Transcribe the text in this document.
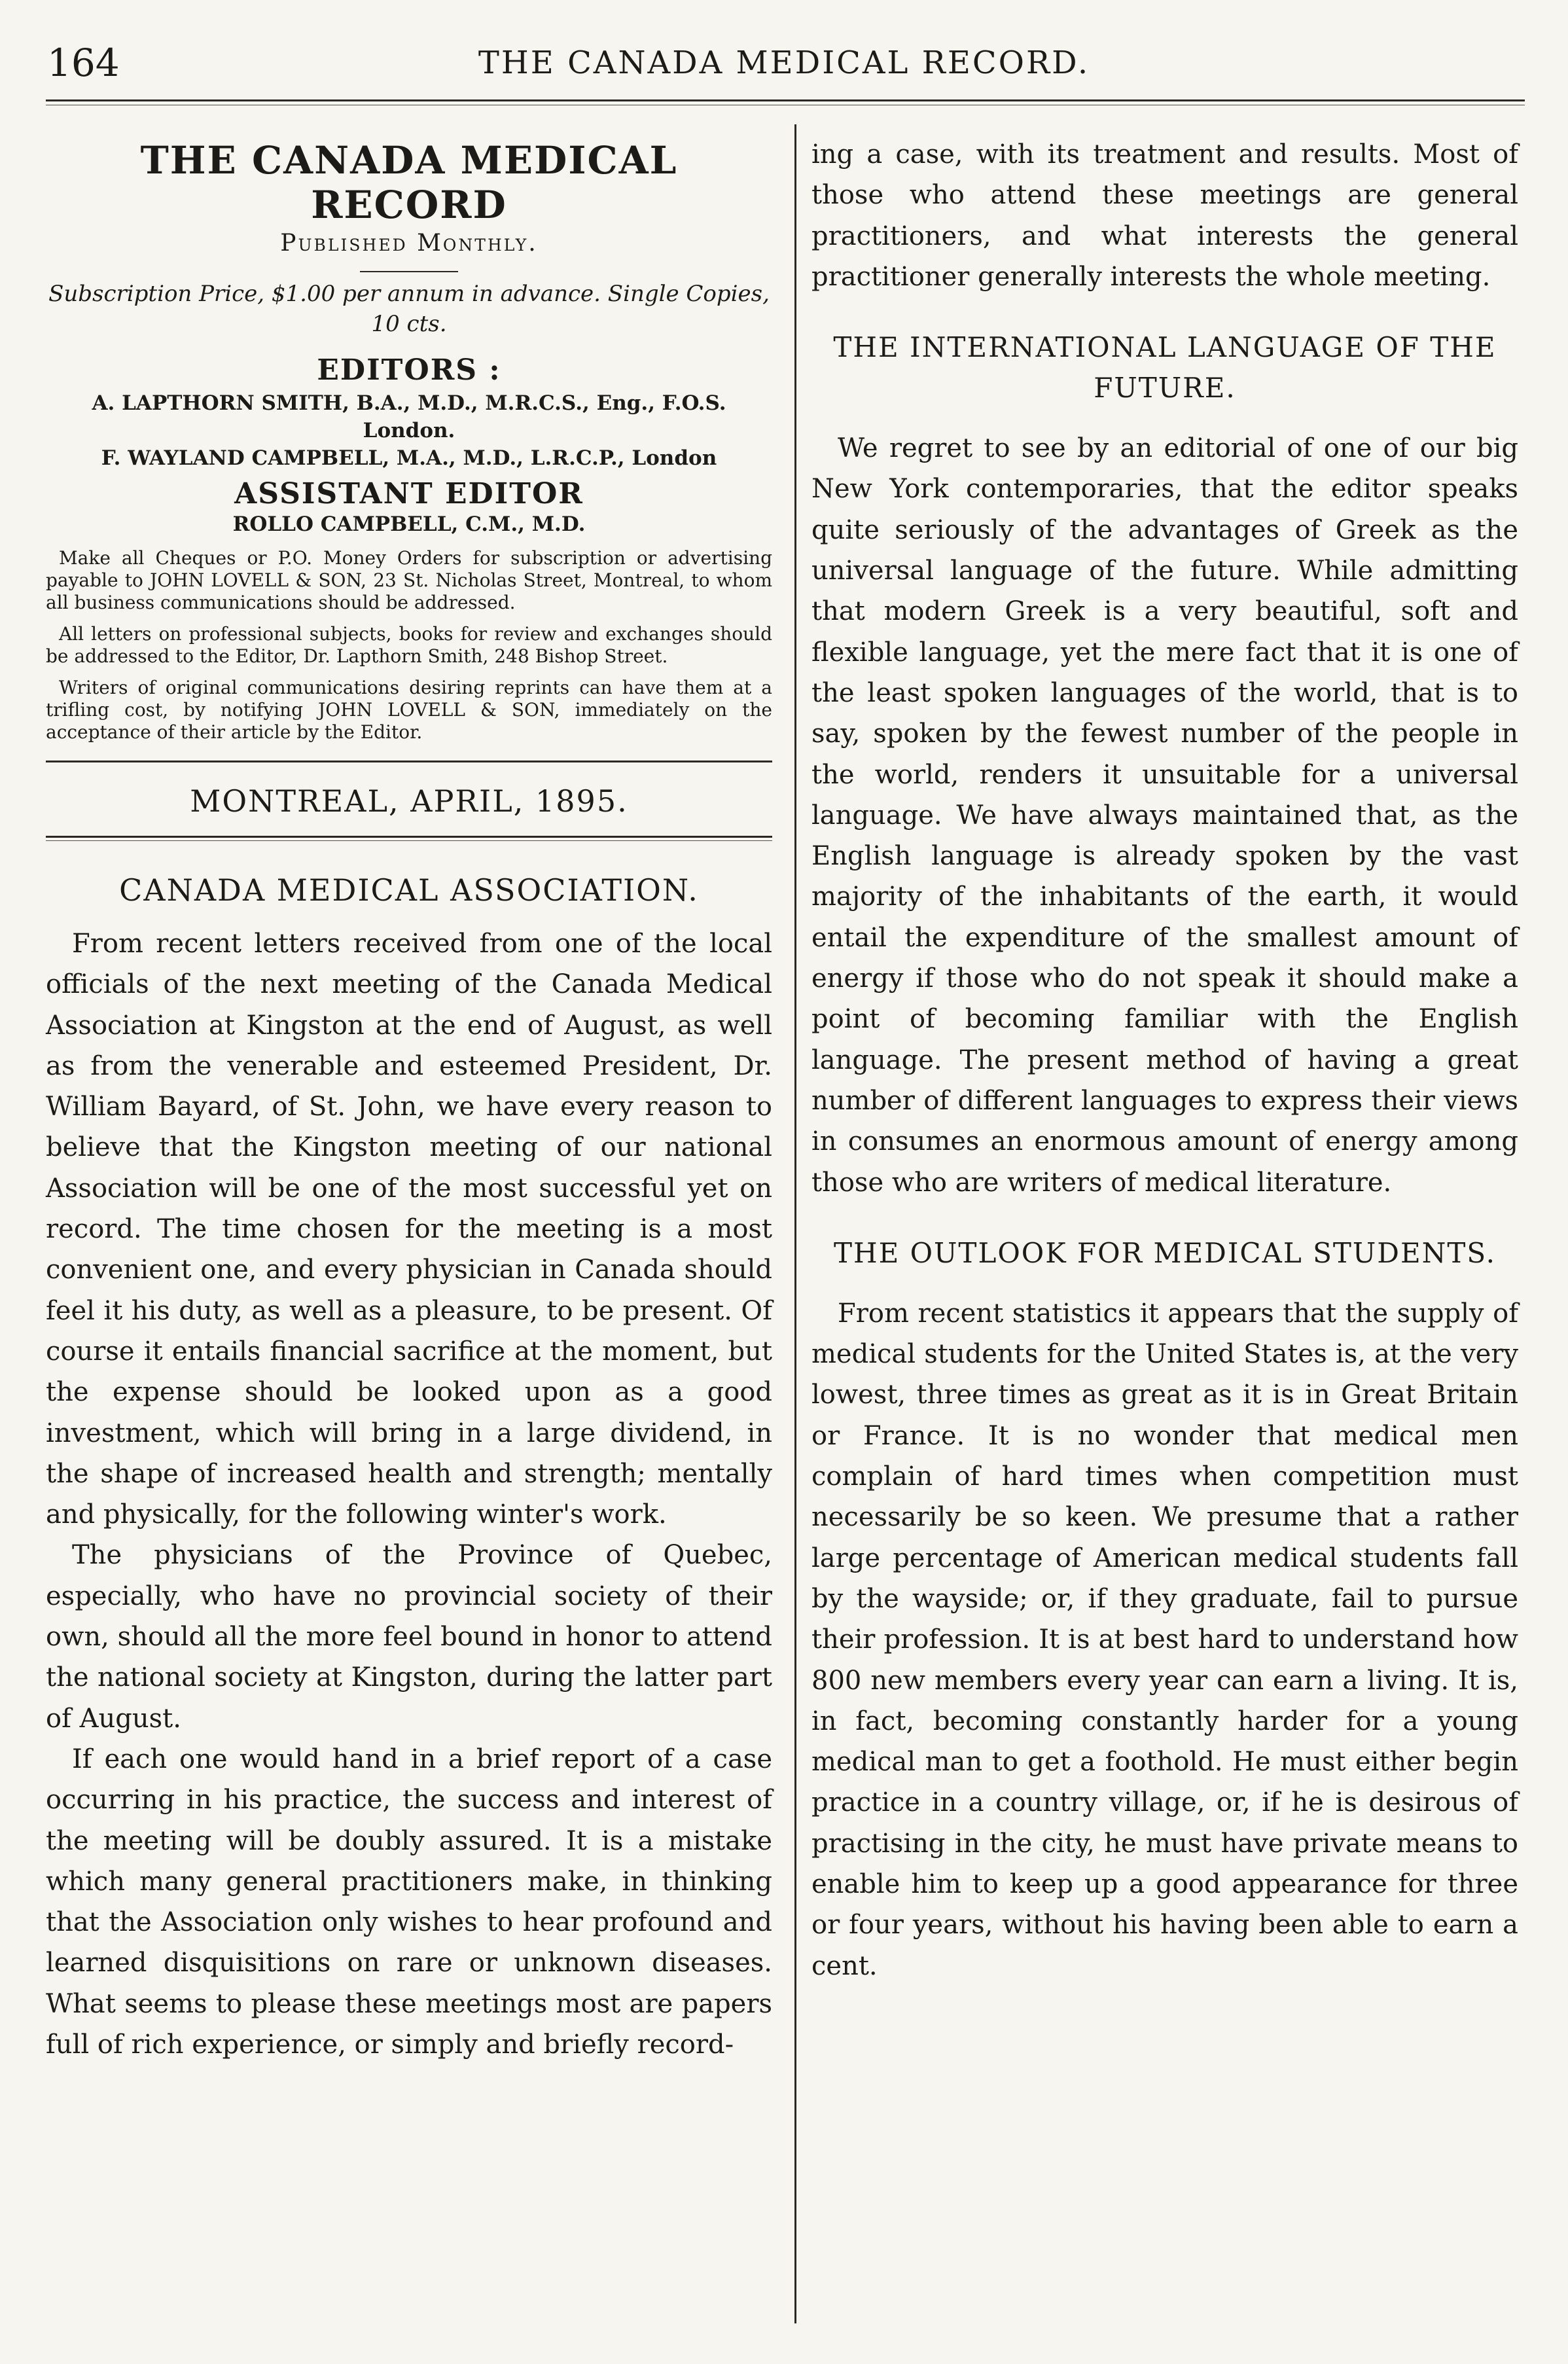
164	THE CANADA MEDICAL RECORD.
THE CANADA MEDICAL RECORD
Published Monthly.
Subscription Price, $1.00 per annum in advance. Single Copies, 10 cts.
EDITORS :
A. LAPTHORN SMITH, B.A., M.D., M.R.C.S., Eng., F.O.S. London.
F. WAYLAND CAMPBELL, M.A., M.D., L.R.C.P., London
ASSISTANT EDITOR
ROLLO CAMPBELL, C.M., M.D.

Make all Cheques or P.O. Money Orders for subscription or advertising payable to JOHN LOVELL & SON, 23 St. Nicholas Street, Montreal, to whom all business communications should be addressed.

All letters on professional subjects, books for review and exchanges should be addressed to the Editor, Dr. Lapthorn Smith, 248 Bishop Street.

Writers of original communications desiring reprints can have them at a trifling cost, by notifying JOHN LOVELL & SON, immediately on the acceptance of their article by the Editor.

MONTREAL, APRIL, 1895.
CANADA MEDICAL ASSOCIATION.

From recent letters received from one of the local officials of the next meeting of the Canada Medical Association at Kingston at the end of August, as well as from the venerable and esteemed President, Dr. William Bayard, of St. John, we have every reason to believe that the Kingston meeting of our national Association will be one of the most successful yet on record. The time chosen for the meeting is a most convenient one, and every physician in Canada should feel it his duty, as well as a pleasure, to be present. Of course it entails financial sacrifice at the moment, but the expense should be looked upon as a good investment, which will bring in a large dividend, in the shape of increased health and strength; mentally and physically, for the following winter's work.

The physicians of the Province of Quebec, especially, who have no provincial society of their own, should all the more feel bound in honor to attend the national society at Kingston, during the latter part of August.

If each one would hand in a brief report of a case occurring in his practice, the success and interest of the meeting will be doubly assured. It is a mistake which many general practitioners make, in thinking that the Association only wishes to hear profound and learned disquisitions on rare or unknown diseases. What seems to please these meetings most are papers full of rich experience, or simply and briefly record-

ing a case, with its treatment and results. Most of those who attend these meetings are general practitioners, and what interests the general practitioner generally interests the whole meeting.

THE INTERNATIONAL LANGUAGE OF THE FUTURE.

We regret to see by an editorial of one of our big New York contemporaries, that the editor speaks quite seriously of the advantages of Greek as the universal language of the future. While admitting that modern Greek is a very beautiful, soft and flexible language, yet the mere fact that it is one of the least spoken languages of the world, that is to say, spoken by the fewest number of the people in the world, renders it unsuitable for a universal language. We have always maintained that, as the English language is already spoken by the vast majority of the inhabitants of the earth, it would entail the expenditure of the smallest amount of energy if those who do not speak it should make a point of becoming familiar with the English language. The present method of having a great number of different languages to express their views in consumes an enormous amount of energy among those who are writers of medical literature.

THE OUTLOOK FOR MEDICAL STUDENTS.

From recent statistics it appears that the supply of medical students for the United States is, at the very lowest, three times as great as it is in Great Britain or France. It is no wonder that medical men complain of hard times when competition must necessarily be so keen. We presume that a rather large percentage of American medical students fall by the wayside; or, if they graduate, fail to pursue their profession. It is at best hard to understand how 800 new members every year can earn a living. It is, in fact, becoming constantly harder for a young medical man to get a foothold. He must either begin practice in a country village, or, if he is desirous of practising in the city, he must have private means to enable him to keep up a good appearance for three or four years, without his having been able to earn a cent.
